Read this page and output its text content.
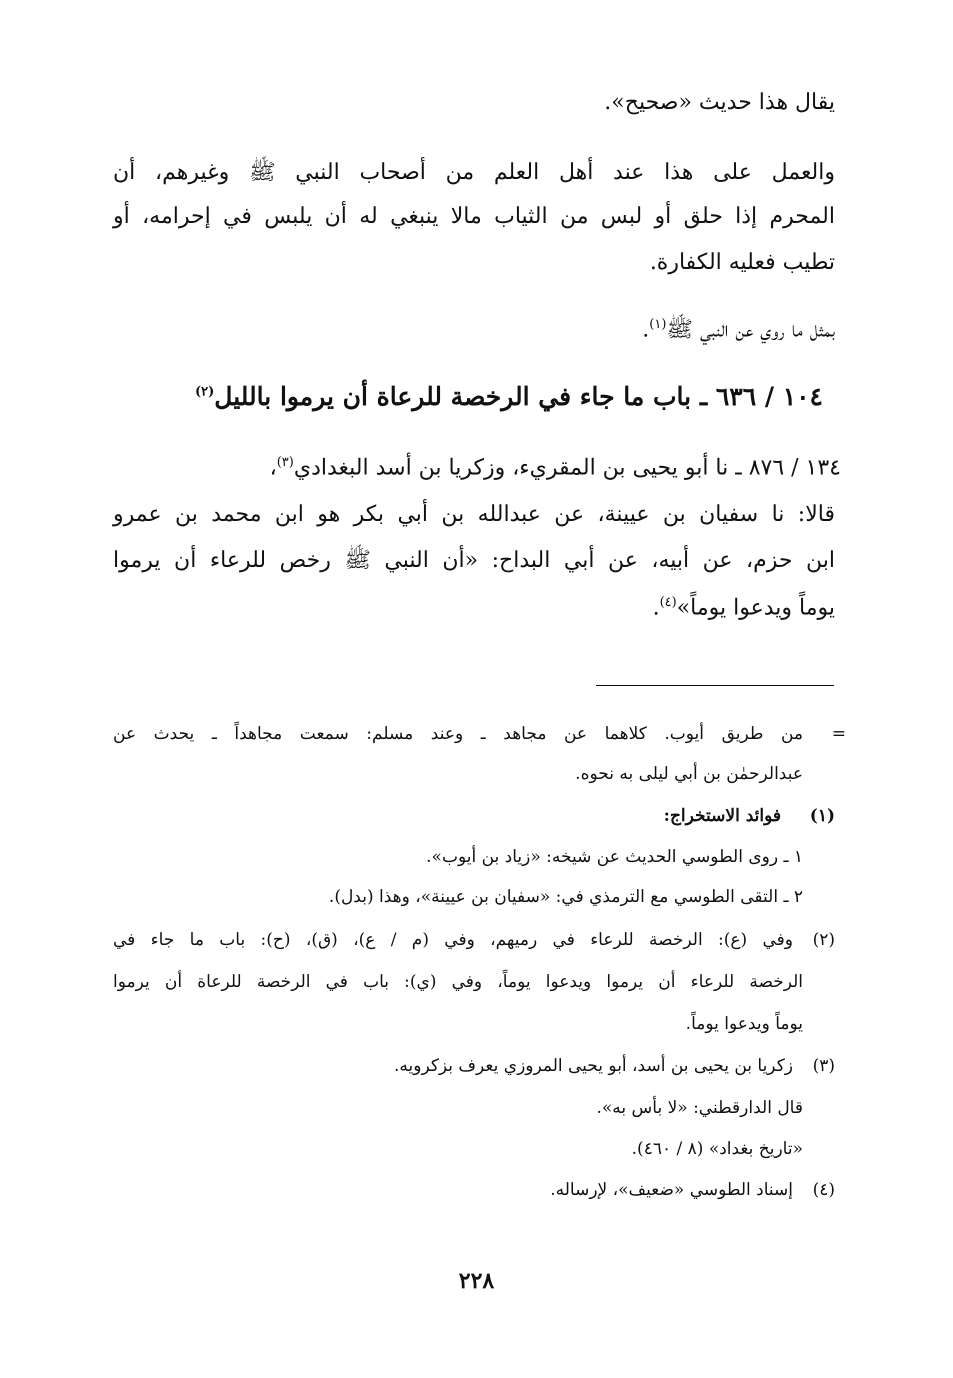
يقال هذا حديث «صحيح».
والعمل على هذا عند أهل العلم من أصحاب النبي ﷺ وغيرهم، أن
المحرم إذا حلق أو لبس من الثياب مالا ينبغي له أن يلبس في إحرامه، أو
تطيب فعليه الكفارة.
بمثل ما روي عن النبي ﷺ$^{(١)}$.
١٠٤ / ٦٣٦ ـ باب ما جاء في الرخصة للرعاة أن يرموا بالليل$^{(٢)}$
١٣٤ / ٨٧٦ ـ نا أبو يحيى بن المقريء، وزكريا بن أسد البغدادي$^{(٣)}$،
قالا: نا سفيان بن عيينة، عن عبدالله بن أبي بكر هو ابن محمد بن عمرو
ابن حزم، عن أبيه، عن أبي البداح: «أن النبي ﷺ رخص للرعاء أن يرموا
يوماً ويدعوا يوماً»$^{(٤)}$.
=
من طريق أيوب. كلاهما عن مجاهد ـ وعند مسلم: سمعت مجاهداً ـ يحدث عن
عبدالرحمٰن بن أبي ليلى به نحوه.
(١)
فوائد الاستخراج:
١ ـ روى الطوسي الحديث عن شيخه: «زياد بن أيوب».
٢ ـ التقى الطوسي مع الترمذي في: «سفيان بن عيينة»، وهذا (بدل).
(٢)
وفي (ع): الرخصة للرعاء في رميهم، وفي (م / ع)، (ق)، (ح): باب ما جاء في
الرخصة للرعاء أن يرموا ويدعوا يوماً، وفي (ي): باب في الرخصة للرعاة أن يرموا
يوماً ويدعوا يوماً.
(٣)
زكريا بن يحيى بن أسد، أبو يحيى المروزي يعرف بزكرويه.
قال الدارقطني: «لا بأس به».
«تاريخ بغداد» (٨ / ٤٦٠).
(٤)
إسناد الطوسي «ضعيف»، لإرساله.
٢٢٨
